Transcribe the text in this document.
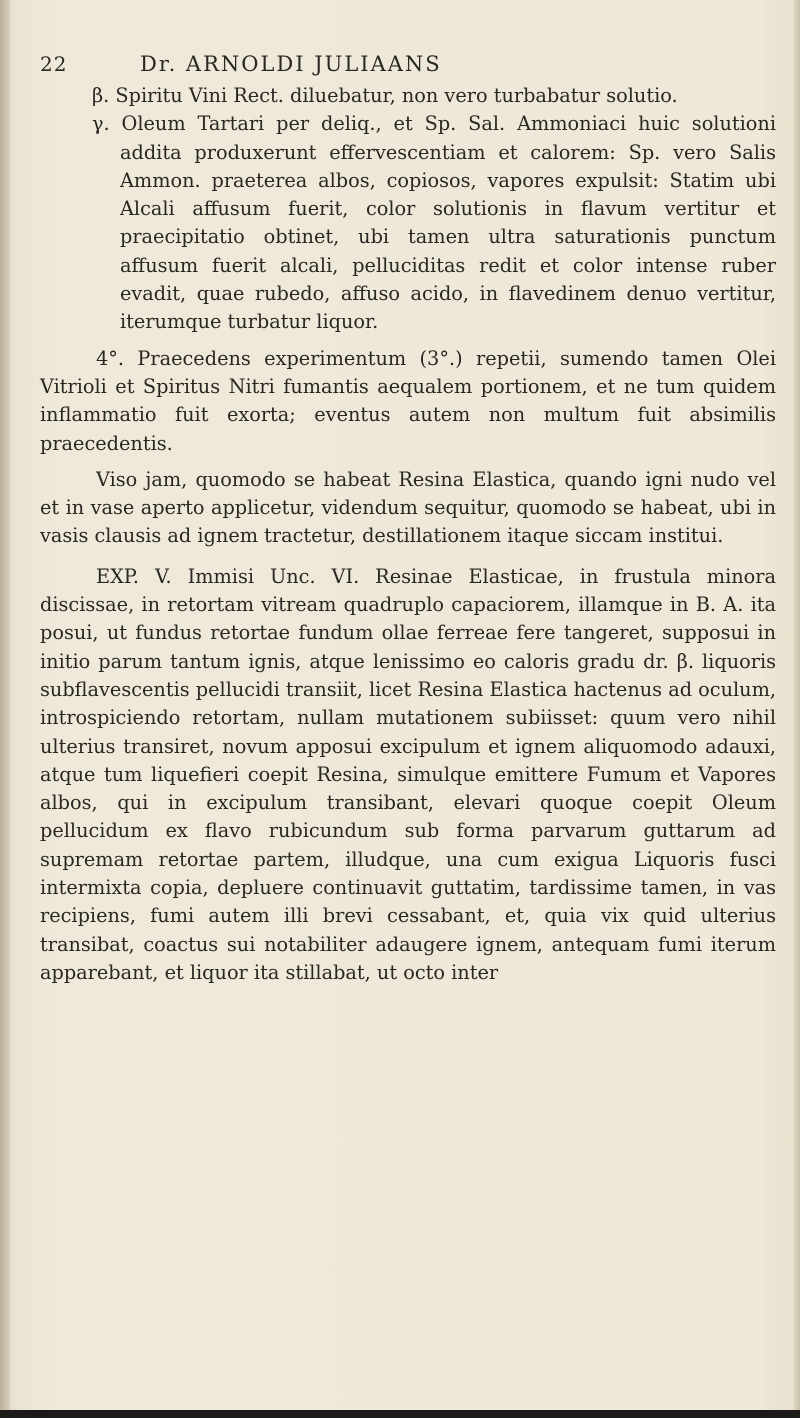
22	Dr. ARNOLDI JULIAANS

β. Spiritu Vini Rect. diluebatur, non vero turbabatur solutio.

γ. Oleum Tartari per deliq., et Sp. Sal. Ammoniaci huic solutioni addita produxerunt effervescentiam et calorem: Sp. vero Salis Ammon. praeterea albos, copiosos, vapores expulsit: Statim ubi Alcali affusum fuerit, color solutionis in flavum vertitur et praecipitatio obtinet, ubi tamen ultra saturationis punctum affusum fuerit alcali, pelluciditas redit et color intense ruber evadit, quae rubedo, affuso acido, in flavedinem denuo vertitur, iterumque turbatur liquor.

4°. Praecedens experimentum (3°.) repetii, sumendo tamen Olei Vitrioli et Spiritus Nitri fumantis aequalem portionem, et ne tum quidem inflammatio fuit exorta; eventus autem non multum fuit absimilis praecedentis.

Viso jam, quomodo se habeat Resina Elastica, quando igni nudo vel et in vase aperto applicetur, videndum sequitur, quomodo se habeat, ubi in vasis clausis ad ignem tractetur, destillationem itaque siccam institui.

EXP. V. Immisi Unc. VI. Resinae Elasticae, in frustula minora discissae, in retortam vitream quadruplo capaciorem, illamque in B. A. ita posui, ut fundus retortae fundum ollae ferreae fere tangeret, supposui in initio parum tantum ignis, atque lenissimo eo caloris gradu dr. β. liquoris subflavescentis pellucidi transiit, licet Resina Elastica hactenus ad oculum, introspiciendo retortam, nullam mutationem subiisset: quum vero nihil ulterius transiret, novum apposui excipulum et ignem aliquomodo adauxi, atque tum liquefieri coepit Resina, simulque emittere Fumum et Vapores albos, qui in excipulum transibant, elevari quoque coepit Oleum pellucidum ex flavo rubicundum sub forma parvarum guttarum ad supremam retortae partem, illudque, una cum exigua Liquoris fusci intermixta copia, depluere continuavit guttatim, tardissime tamen, in vas recipiens, fumi autem illi brevi cessabant, et, quia vix quid ulterius transibat, coactus sui notabiliter adaugere ignem, antequam fumi iterum apparebant, et liquor ita stillabat, ut octo inter
